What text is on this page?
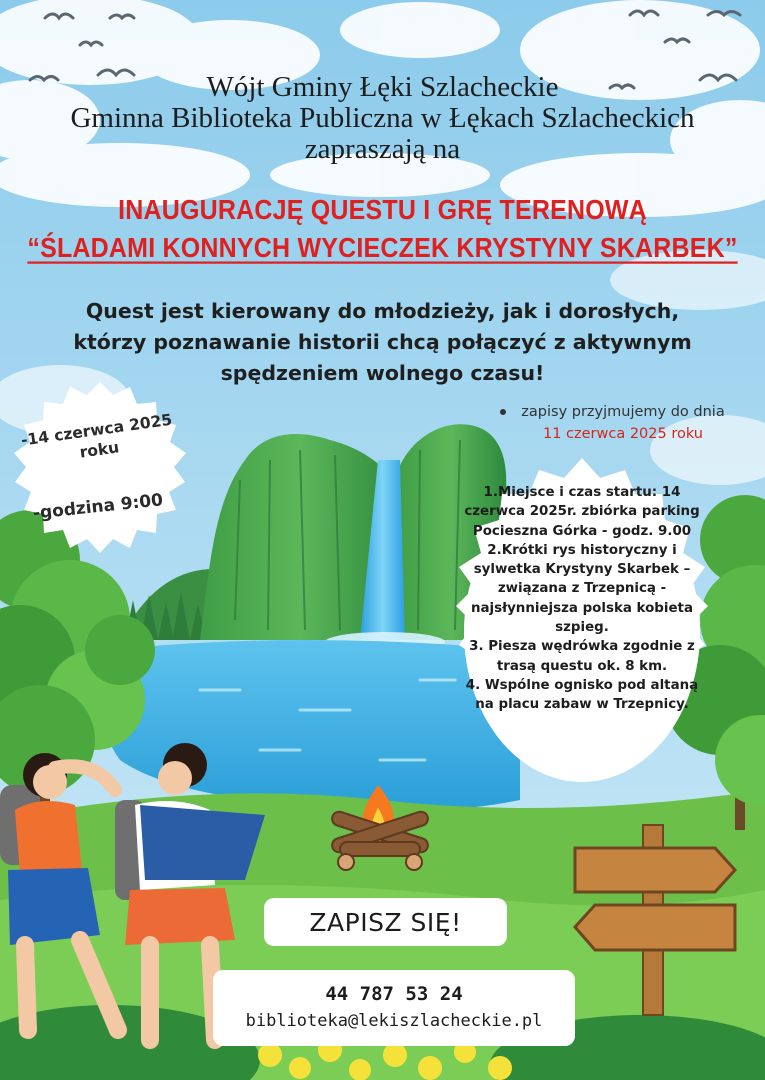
Wójt Gminy Łęki Szlacheckie
Gminna Biblioteka Publiczna w Łękach Szlacheckich
zapraszają na
INAUGURACJĘ QUESTU I GRĘ TERENOWĄ
“ŚLADAMI KONNYCH WYCIECZEK KRYSTYNY SKARBEK”
Quest jest kierowany do młodzieży, jak i dorosłych,
którzy poznawanie historii chcą połączyć z aktywnym
spędzeniem wolnego czasu!
zapisy przyjmujemy do dnia
11 czerwca 2025 roku
-14 czerwca 2025 roku
-godzina 9:00	1.Miejsce i czas startu: 14 czerwca 2025r. zbiórka parking Pocieszna Górka - godz. 9.00
2.Krótki rys historyczny i sylwetka Krystyny Skarbek – związana z Trzepnicą - najsłynniejsza polska kobieta szpieg.
3. Piesza wędrówka zgodnie z trasą questu ok. 8 km.
4. Wspólne ognisko pod altaną na placu zabaw w Trzepnicy.
ZAPISZ SIĘ!
44 787 53 24
biblioteka@lekiszlacheckie.pl
